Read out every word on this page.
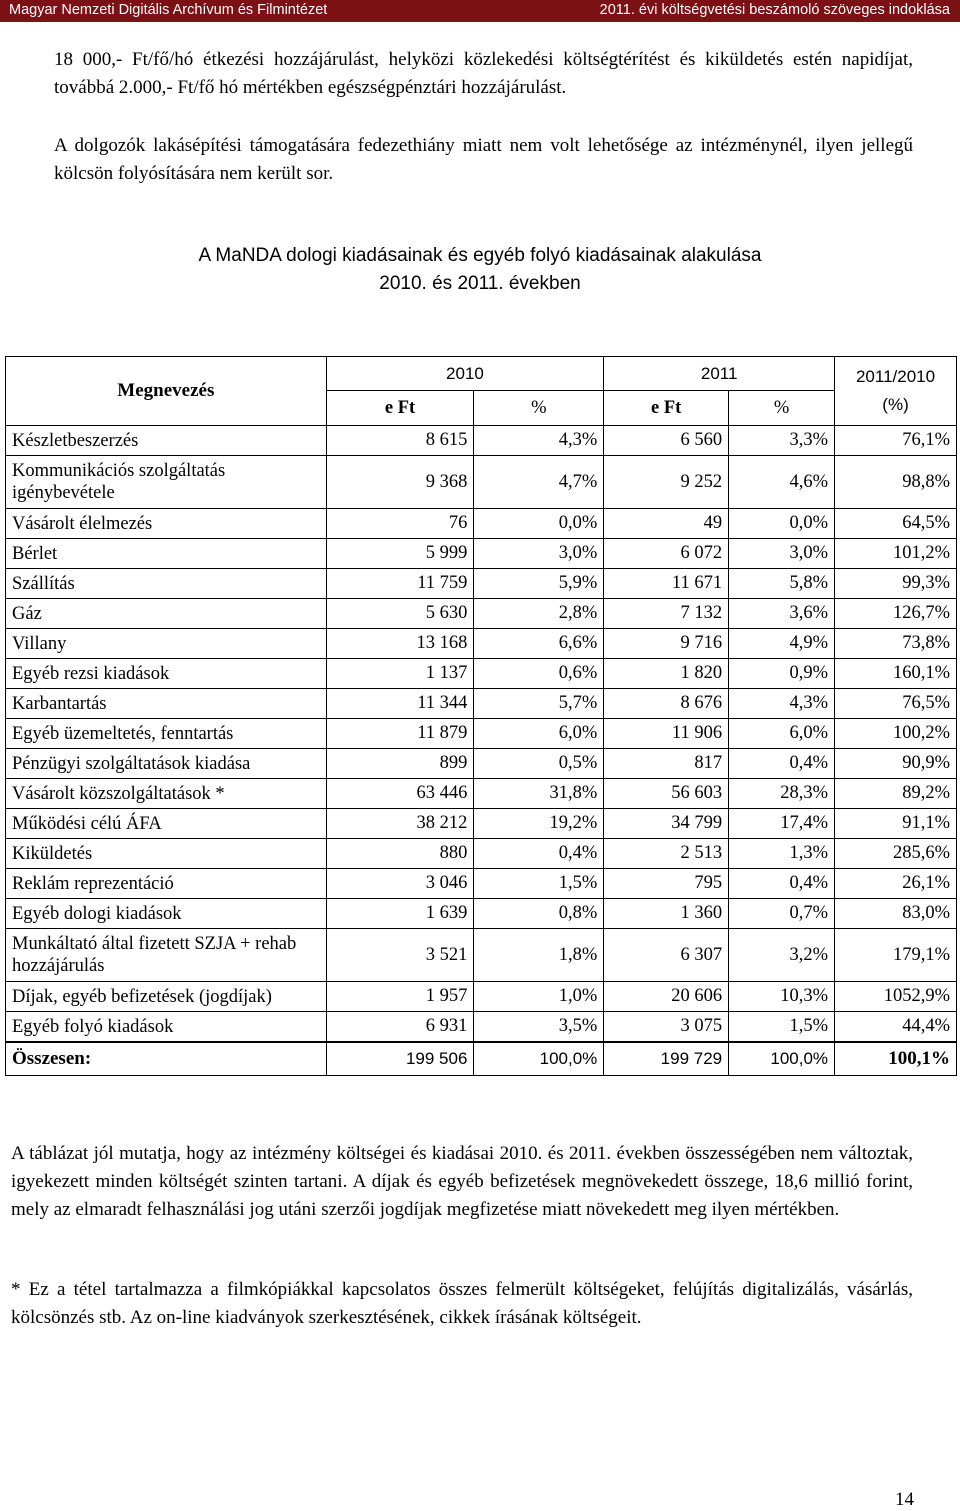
Magyar Nemzeti Digitális Archívum és Filmintézet	2011. évi költségvetési beszámoló szöveges indoklása

18 000,- Ft/fő/hó étkezési hozzájárulást, helyközi közlekedési költségtérítést és kiküldetés estén napidíjat, továbbá 2.000,- Ft/fő hó mértékben egészségpénztári hozzájárulást.

A dolgozók lakásépítési támogatására fedezethiány miatt nem volt lehetősége az intézménynél, ilyen jellegű kölcsön folyósítására nem került sor.

A MaNDA dologi kiadásainak és egyéb folyó kiadásainak alakulása
2010. és 2011. években
Megnevezés	2010		2011		2011/2010 (%)
	e Ft	%	e Ft	%	
Készletbeszerzés	8 615	4,3%	6 560	3,3%	76,1%
Kommunikációs szolgáltatás igénybevétele	9 368	4,7%	9 252	4,6%	98,8%
Vásárolt élelmezés	76	0,0%	49	0,0%	64,5%
Bérlet	5 999	3,0%	6 072	3,0%	101,2%
Szállítás	11 759	5,9%	11 671	5,8%	99,3%
Gáz	5 630	2,8%	7 132	3,6%	126,7%
Villany	13 168	6,6%	9 716	4,9%	73,8%
Egyéb rezsi kiadások	1 137	0,6%	1 820	0,9%	160,1%
Karbantartás	11 344	5,7%	8 676	4,3%	76,5%
Egyéb üzemeltetés, fenntartás	11 879	6,0%	11 906	6,0%	100,2%
Pénzügyi szolgáltatások kiadása	899	0,5%	817	0,4%	90,9%
Vásárolt közszolgáltatások *	63 446	31,8%	56 603	28,3%	89,2%
Működési célú ÁFA	38 212	19,2%	34 799	17,4%	91,1%
Kiküldetés	880	0,4%	2 513	1,3%	285,6%
Reklám reprezentáció	3 046	1,5%	795	0,4%	26,1%
Egyéb dologi kiadások	1 639	0,8%	1 360	0,7%	83,0%
Munkáltató által fizetett SZJA + rehab hozzájárulás	3 521	1,8%	6 307	3,2%	179,1%
Díjak, egyéb befizetések (jogdíjak)	1 957	1,0%	20 606	10,3%	1052,9%
Egyéb folyó kiadások	6 931	3,5%	3 075	1,5%	44,4%
Összesen:	199 506	100,0%	199 729	100,0%	100,1%

A táblázat jól mutatja, hogy az intézmény költségei és kiadásai 2010. és 2011. években összességében nem változtak, igyekezett minden költségét szinten tartani. A díjak és egyéb befizetések megnövekedett összege, 18,6 millió forint, mely az elmaradt felhasználási jog utáni szerzői jogdíjak megfizetése miatt növekedett meg ilyen mértékben.

* Ez a tétel tartalmazza a filmkópiákkal kapcsolatos összes felmerült költségeket, felújítás digitalizálás, vásárlás, kölcsönzés stb. Az on-line kiadványok szerkesztésének, cikkek írásának költségeit.

14
